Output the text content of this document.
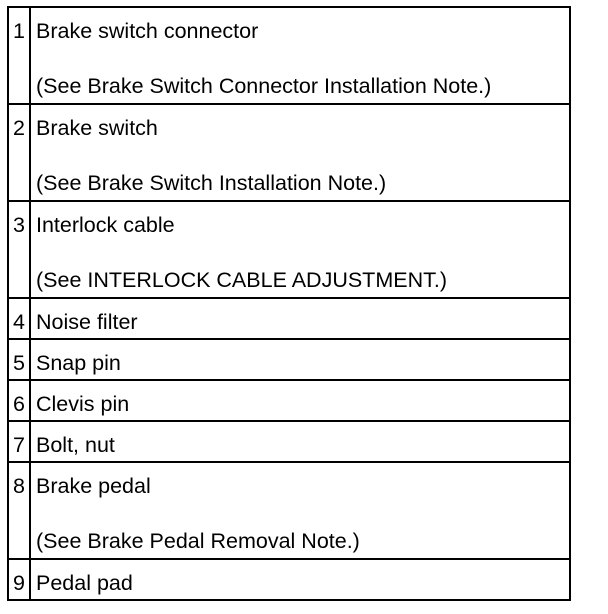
1	Brake switch connector
(See Brake Switch Connector Installation Note.)

2	Brake switch
(See Brake Switch Installation Note.)

3	Interlock cable
(See INTERLOCK CABLE ADJUSTMENT.)

4	Noise filter

5	Snap pin

6	Clevis pin

7	Bolt, nut

8	Brake pedal
(See Brake Pedal Removal Note.)

9	Pedal pad
